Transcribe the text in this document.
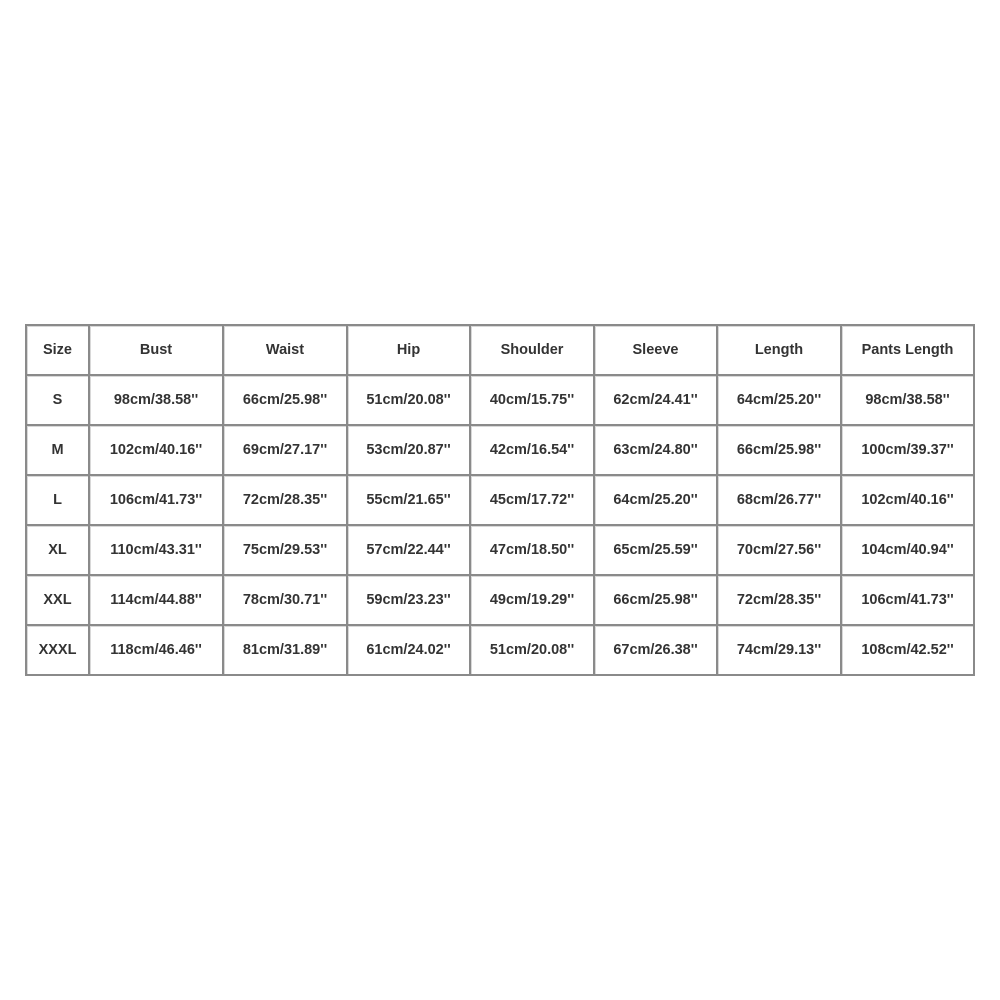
Size	Bust	Waist	Hip	Shoulder	Sleeve	Length	Pants Length
S	98cm/38.58''	66cm/25.98''	51cm/20.08''	40cm/15.75''	62cm/24.41''	64cm/25.20''	98cm/38.58''
M	102cm/40.16''	69cm/27.17''	53cm/20.87''	42cm/16.54''	63cm/24.80''	66cm/25.98''	100cm/39.37''
L	106cm/41.73''	72cm/28.35''	55cm/21.65''	45cm/17.72''	64cm/25.20''	68cm/26.77''	102cm/40.16''
XL	110cm/43.31''	75cm/29.53''	57cm/22.44''	47cm/18.50''	65cm/25.59''	70cm/27.56''	104cm/40.94''
XXL	114cm/44.88''	78cm/30.71''	59cm/23.23''	49cm/19.29''	66cm/25.98''	72cm/28.35''	106cm/41.73''
XXXL	118cm/46.46''	81cm/31.89''	61cm/24.02''	51cm/20.08''	67cm/26.38''	74cm/29.13''	108cm/42.52''
